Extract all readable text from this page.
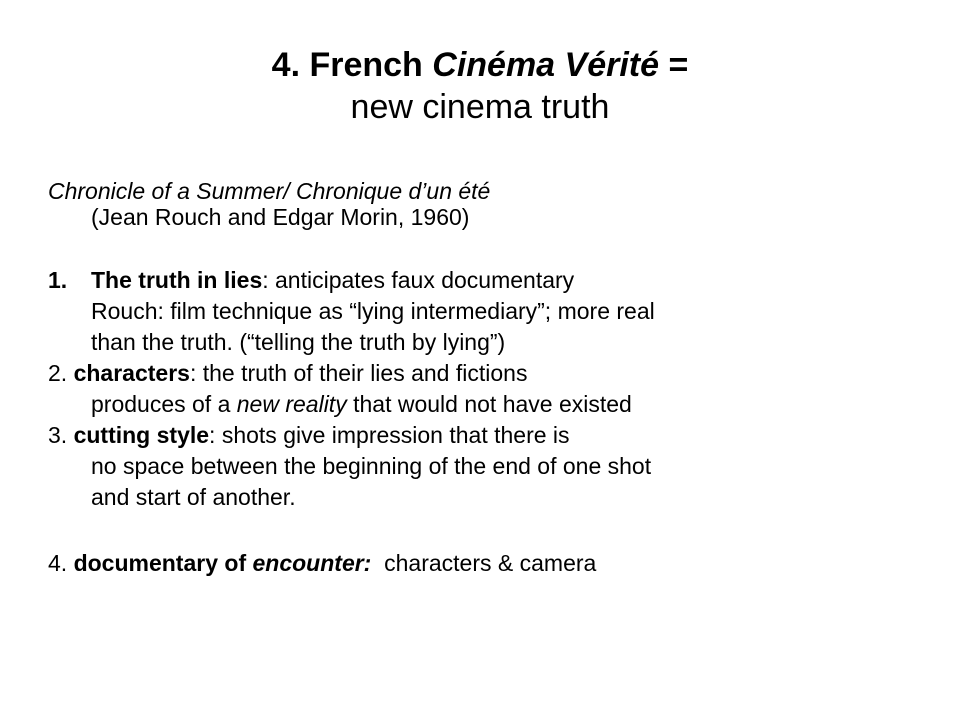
4. French Cinéma Vérité =
new cinema truth
Chronicle of a Summer/ Chronique d’un été
(Jean Rouch and Edgar Morin, 1960)
1. The truth in lies: anticipates faux documentary
Rouch: film technique as “lying intermediary”; more real
than the truth. (“telling the truth by lying”)
2. characters: the truth of their lies and fictions
produces of a new reality that would not have existed
3. cutting style: shots give impression that there is
no space between the beginning of the end of one shot
and start of another.
4. documentary of encounter:  characters & camera
